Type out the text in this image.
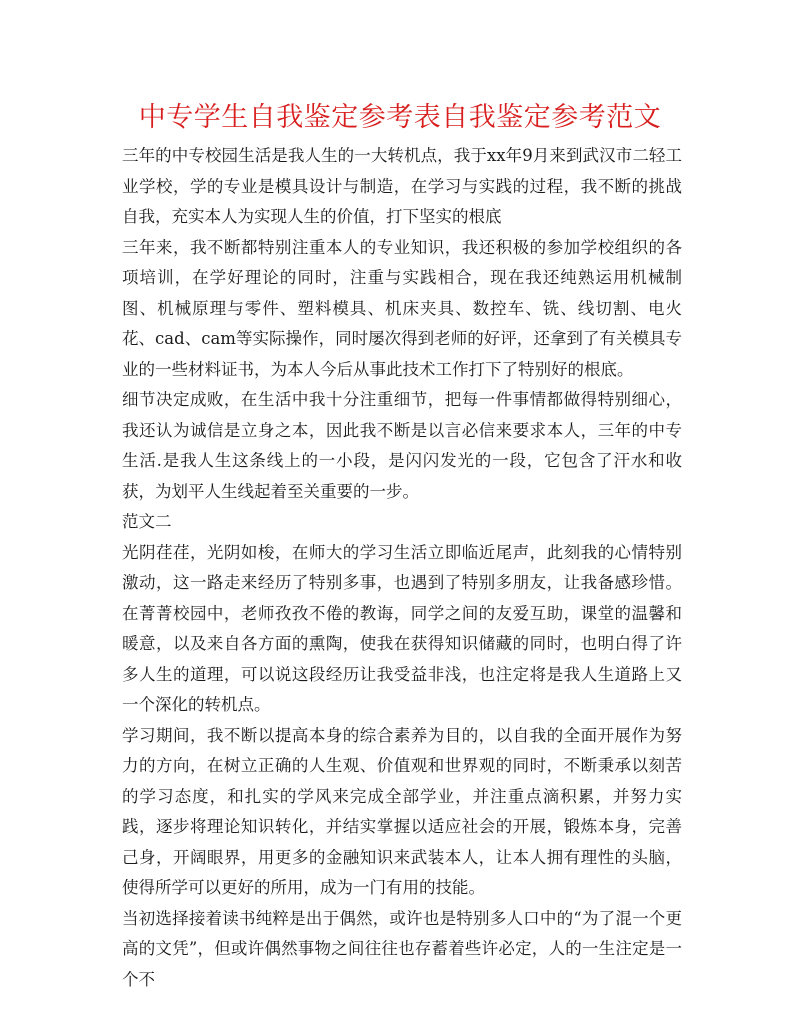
中专学生自我鉴定参考表自我鉴定参考范文

三年的中专校园生活是我人生的一大转机点，我于xx年9月来到武汉市二轻工业学校，学的专业是模具设计与制造，在学习与实践的过程，我不断的挑战自我，充实本人为实现人生的价值，打下坚实的根底

三年来，我不断都特别注重本人的专业知识，我还积极的参加学校组织的各项培训，在学好理论的同时，注重与实践相合，现在我还纯熟运用机械制图、机械原理与零件、塑料模具、机床夹具、数控车、铣、线切割、电火花、cad、cam等实际操作，同时屡次得到老师的好评，还拿到了有关模具专业的一些材料证书，为本人今后从事此技术工作打下了特别好的根底。

细节决定成败，在生活中我十分注重细节，把每一件事情都做得特别细心，我还认为诚信是立身之本，因此我不断是以言必信来要求本人，三年的中专生活.是我人生这条线上的一小段，是闪闪发光的一段，它包含了汗水和收获，为划平人生线起着至关重要的一步。

范文二

光阴荏荏，光阴如梭，在师大的学习生活立即临近尾声，此刻我的心情特别激动，这一路走来经历了特别多事，也遇到了特别多朋友，让我备感珍惜。在菁菁校园中，老师孜孜不倦的教诲，同学之间的友爱互助，课堂的温馨和暖意，以及来自各方面的熏陶，使我在获得知识储藏的同时，也明白得了许多人生的道理，可以说这段经历让我受益非浅，也注定将是我人生道路上又一个深化的转机点。

学习期间，我不断以提高本身的综合素养为目的，以自我的全面开展作为努力的方向，在树立正确的人生观、价值观和世界观的同时，不断秉承以刻苦的学习态度，和扎实的学风来完成全部学业，并注重点滴积累，并努力实践，逐步将理论知识转化，并结实掌握以适应社会的开展，锻炼本身，完善己身，开阔眼界，用更多的金融知识来武装本人，让本人拥有理性的头脑，使得所学可以更好的所用，成为一门有用的技能。

当初选择接着读书纯粹是出于偶然，或许也是特别多人口中的“为了混一个更高的文凭”，但或许偶然事物之间往往也存蓄着些许必定，人的一生注定是一个不
